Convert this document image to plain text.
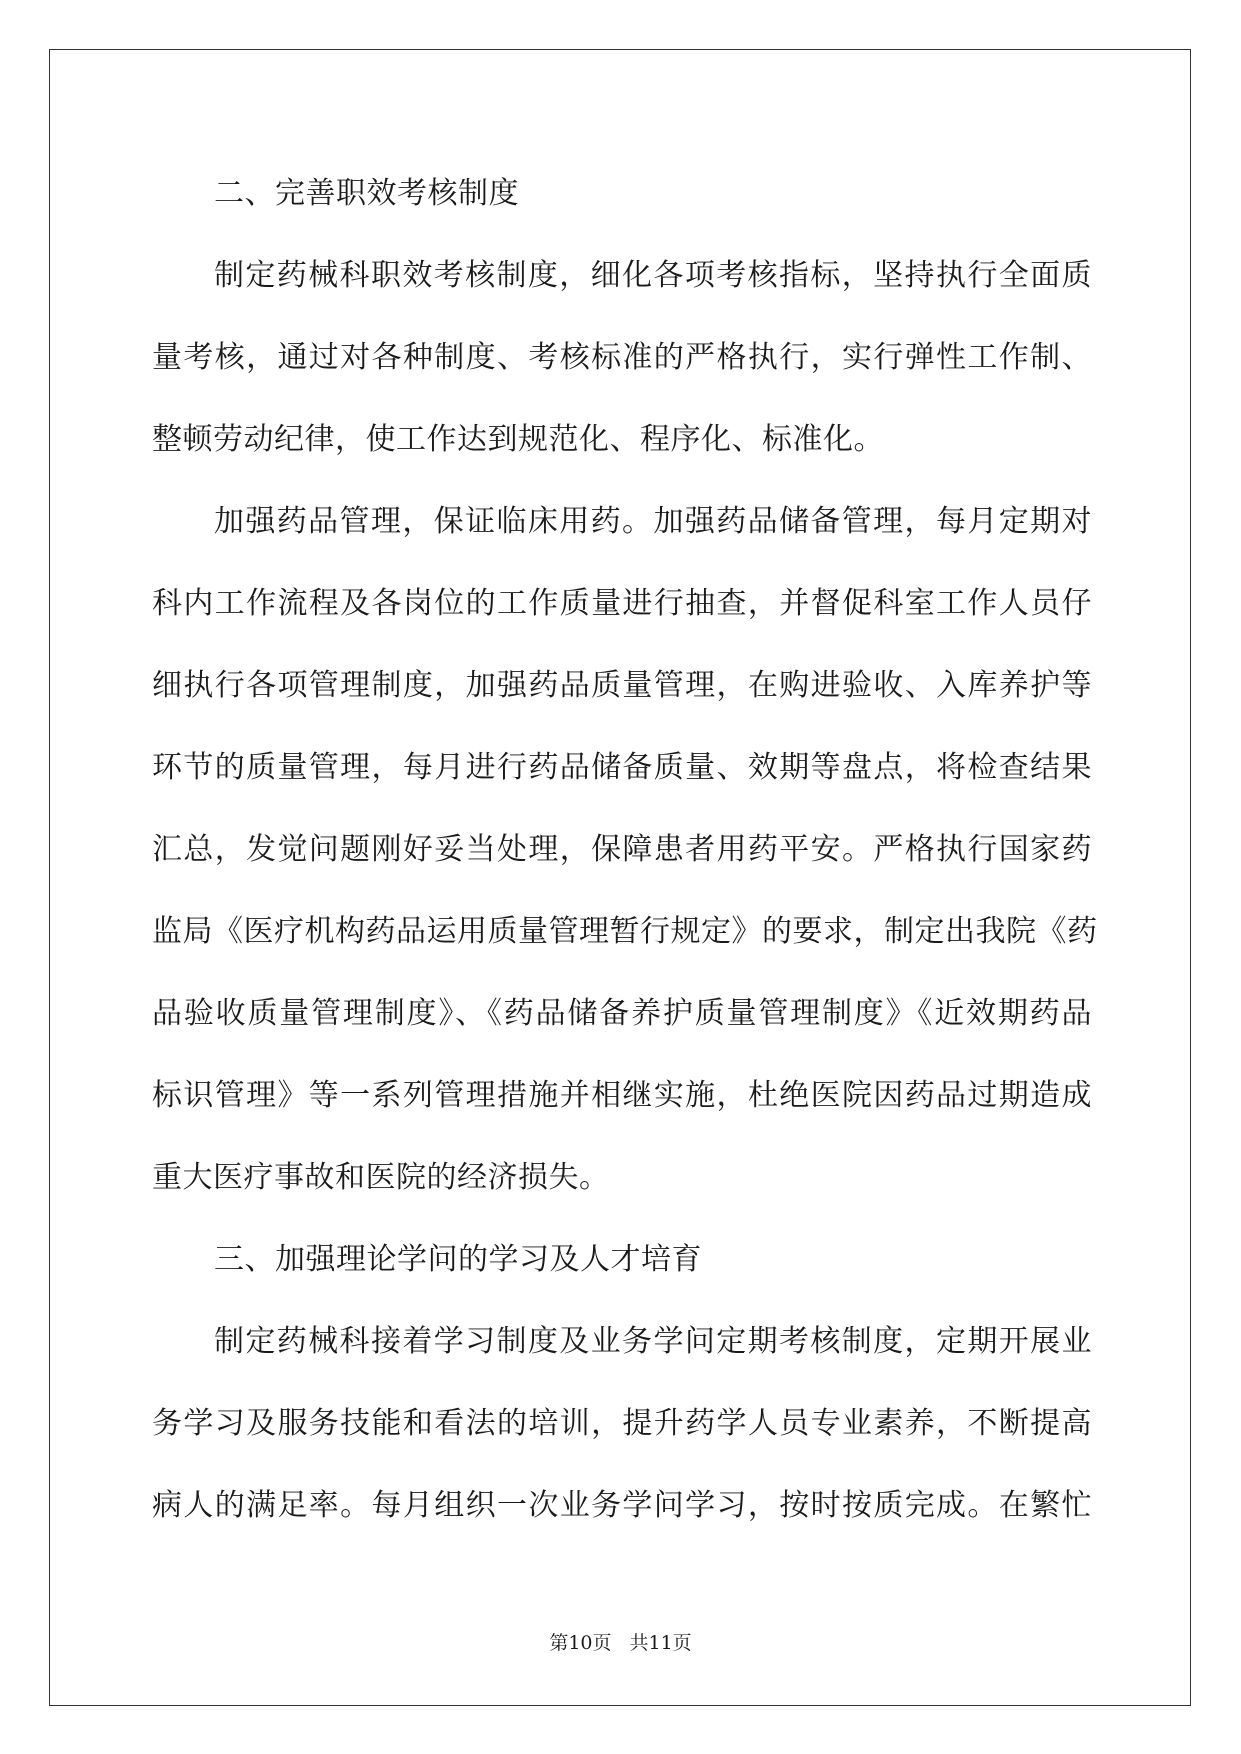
二、完善职效考核制度
制定药械科职效考核制度，细化各项考核指标，坚持执行全面质
量考核，通过对各种制度、考核标准的严格执行，实行弹性工作制、
整顿劳动纪律，使工作达到规范化、程序化、标准化。
加强药品管理，保证临床用药。加强药品储备管理，每月定期对
科内工作流程及各岗位的工作质量进行抽查，并督促科室工作人员仔
细执行各项管理制度，加强药品质量管理，在购进验收、入库养护等
环节的质量管理，每月进行药品储备质量、效期等盘点，将检查结果
汇总，发觉问题刚好妥当处理，保障患者用药平安。严格执行国家药
监局《医疗机构药品运用质量管理暂行规定》的要求，制定出我院《药
品验收质量管理制度》、《药品储备养护质量管理制度》《近效期药品
标识管理》等一系列管理措施并相继实施，杜绝医院因药品过期造成
重大医疗事故和医院的经济损失。
三、加强理论学问的学习及人才培育
制定药械科接着学习制度及业务学问定期考核制度，定期开展业
务学习及服务技能和看法的培训，提升药学人员专业素养，不断提高
病人的满足率。每月组织一次业务学问学习，按时按质完成。在繁忙
第10页 共11页
